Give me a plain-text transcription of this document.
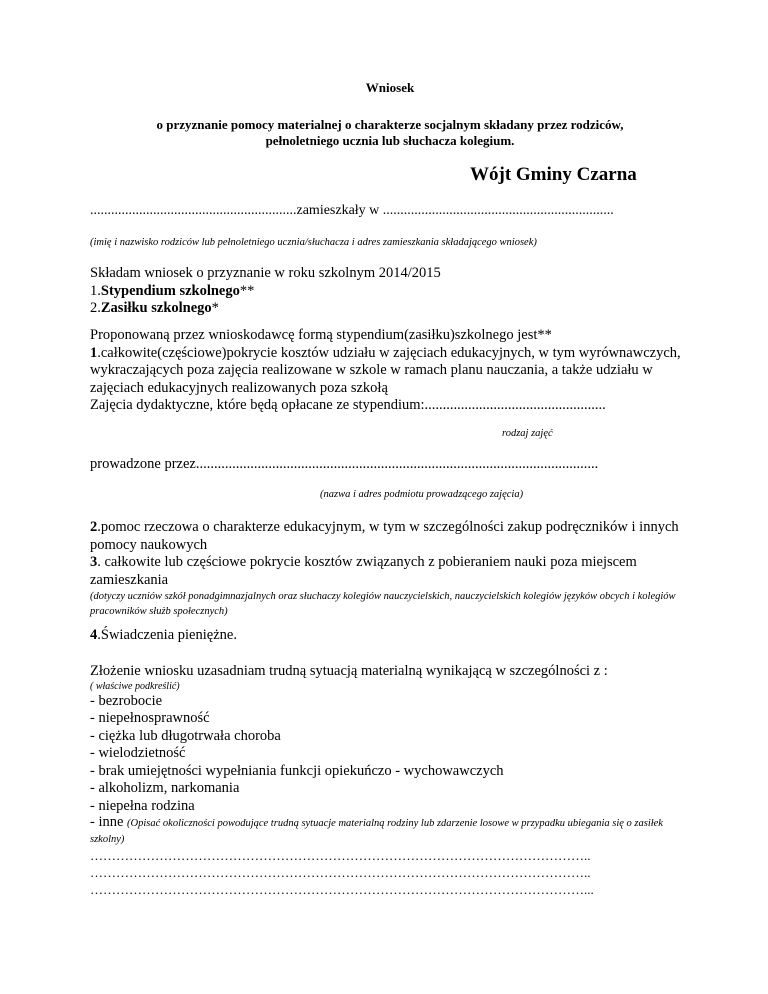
Wniosek
o przyznanie pomocy materialnej o charakterze socjalnym składany przez rodziców,
pełnoletniego ucznia lub słuchacza kolegium.
Wójt Gminy Czarna
...........................................................zamieszkały w ..................................................................
(imię i nazwisko rodziców lub pełnoletniego ucznia/słuchacza i adres zamieszkania składającego wniosek)

Składam wniosek o przyznanie w roku szkolnym 2014/2015

1.Stypendium szkolnego**

2.Zasiłku szkolnego*

Proponowaną przez wnioskodawcę formą stypendium(zasiłku)szkolnego jest**

1.całkowite(częściowe)pokrycie kosztów udziału w zajęciach edukacyjnych, w tym wyrównawczych, wykraczających poza zajęcia realizowane w szkole w ramach planu nauczania, a także udziału w zajęciach edukacyjnych realizowanych poza szkołą

Zajęcia dydaktyczne, które będą opłacane ze stypendium:..................................................

rodzaj zajęć
prowadzone przez...............................................................................................................
(nazwa i adres podmiotu prowadzącego zajęcia)

2.pomoc rzeczowa o charakterze edukacyjnym, w tym w szczególności zakup podręczników i innych pomocy naukowych

3. całkowite lub częściowe pokrycie kosztów związanych z pobieraniem nauki poza miejscem zamieszkania

(dotyczy uczniów szkół ponadgimnazjalnych oraz słuchaczy kolegiów nauczycielskich, nauczycielskich kolegiów języków obcych i kolegiów pracowników służb społecznych)

4.Świadczenia pieniężne.

Złożenie wniosku uzasadniam trudną sytuacją materialną wynikającą w szczególności z :

( właściwe podkreślić)

- bezrobocie

- niepełnosprawność

- ciężka lub długotrwała choroba

- wielodzietność

- brak umiejętności wypełniania funkcji opiekuńczo - wychowawczych

- alkoholizm, narkomania

- niepełna rodzina

- inne (Opisać okoliczności powodujące trudną sytuacje materialną rodziny lub zdarzenie losowe w przypadku ubiegania się o zasiłek szkolny)

……………………………………………………………………………………………………..
……………………………………………………………………………………………………..
……………………………………………………………………………………………………...
